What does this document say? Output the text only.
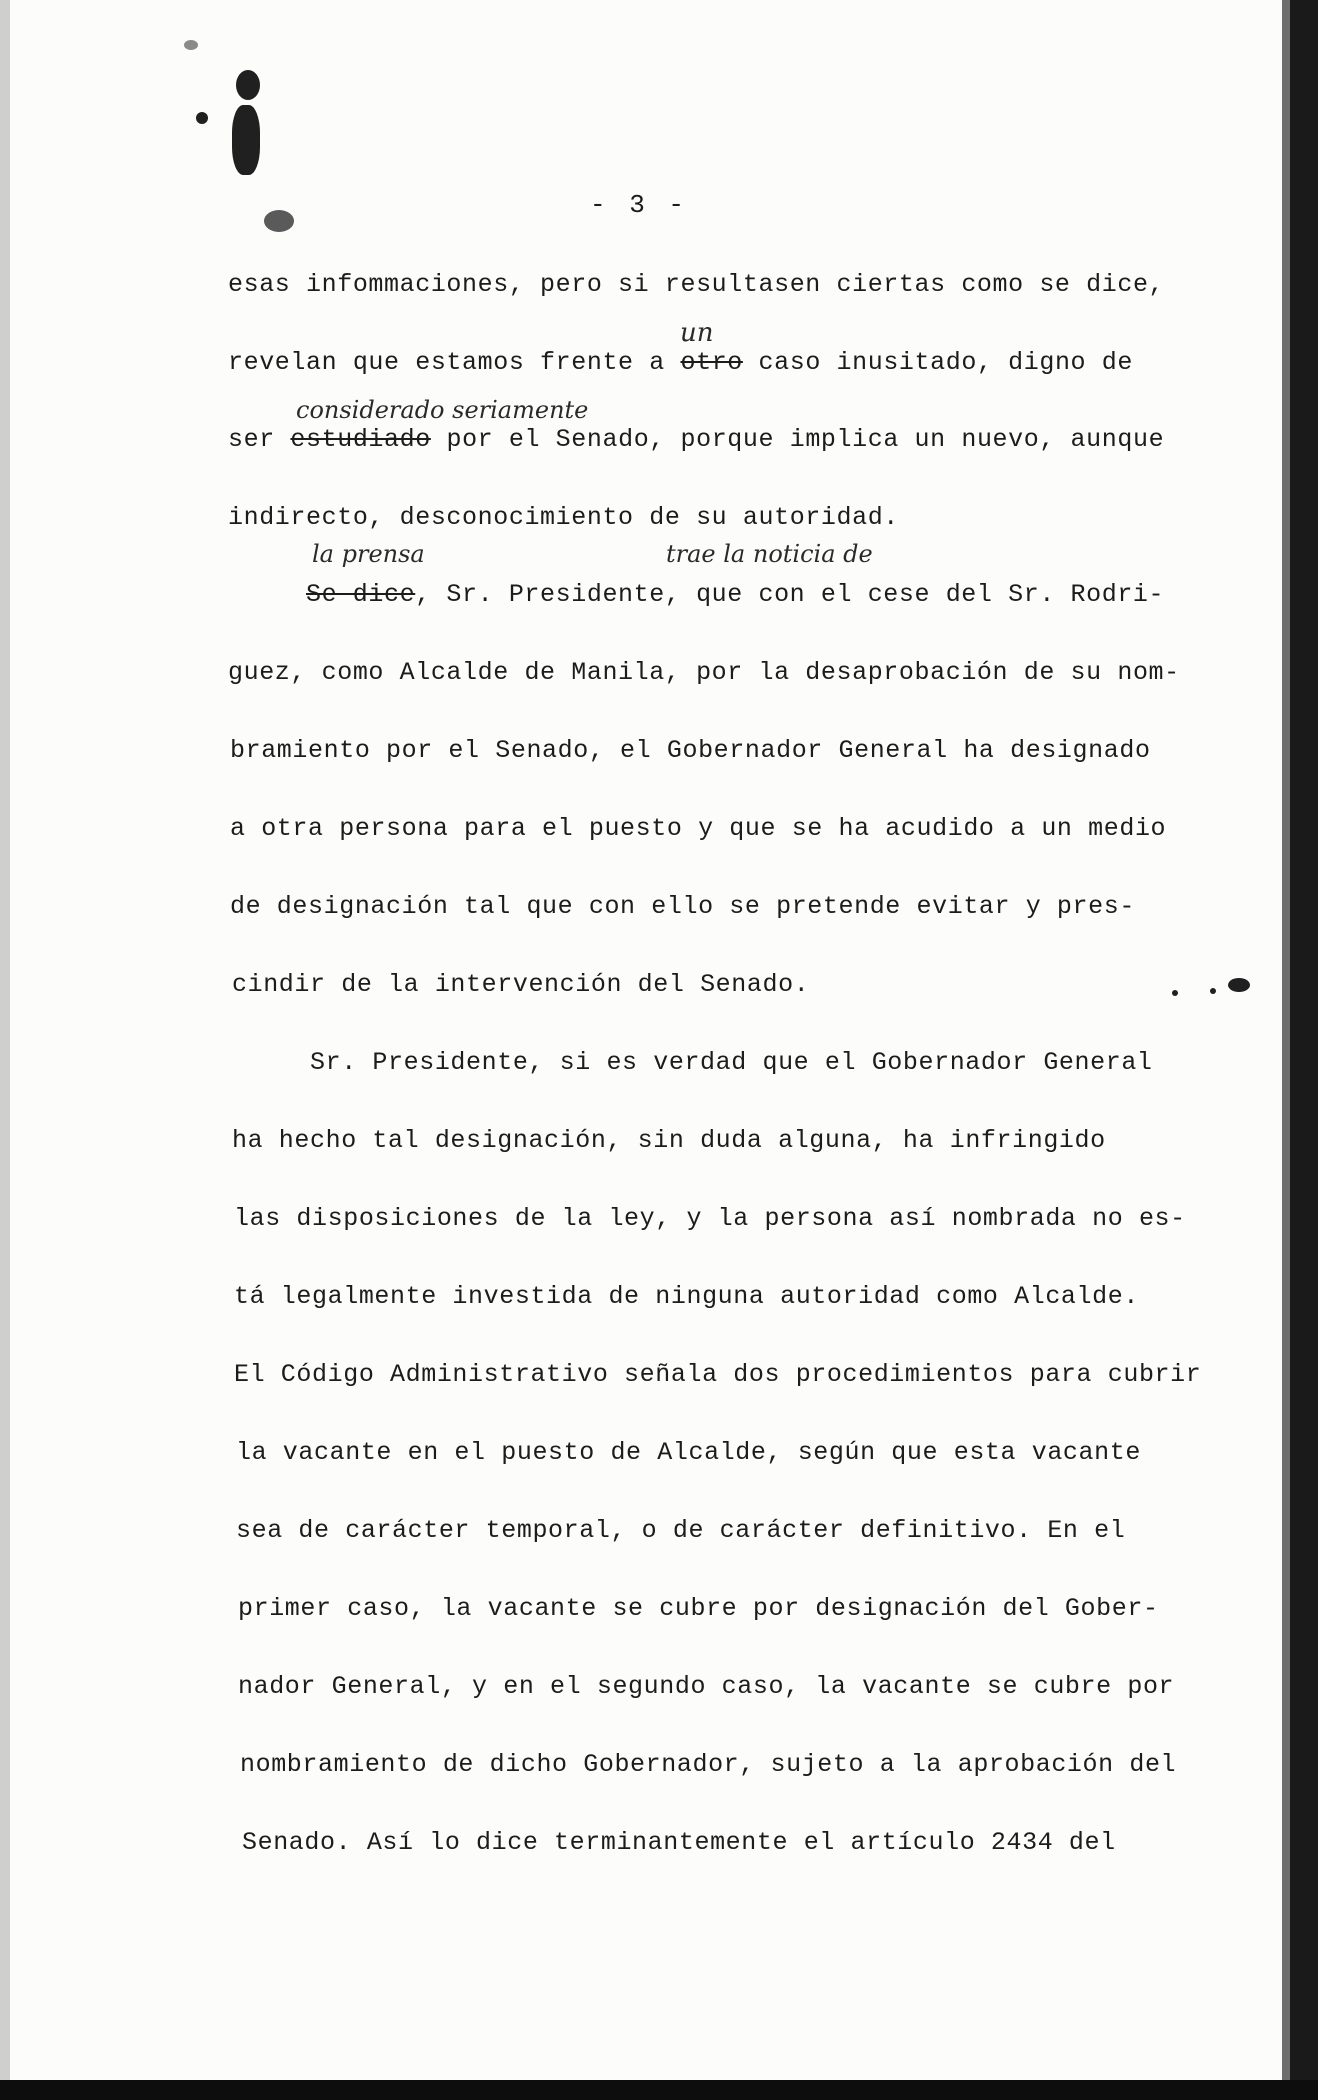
- 3 -
esas infommaciones, pero si resultasen ciertas como se dice,
revelan que estamos frente a otro caso inusitado, digno de
ser estudiado por el Senado, porque implica un nuevo, aunque
indirecto, desconocimiento de su autoridad.
Se dice, Sr. Presidente, que con el cese del Sr. Rodri-
guez, como Alcalde de Manila, por la desaprobación de su nom-
bramiento por el Senado, el Gobernador General ha designado
a otra persona para el puesto y que se ha acudido a un medio
de designación tal que con ello se pretende evitar y pres-
cindir de la intervención del Senado.
Sr. Presidente, si es verdad que el Gobernador General
ha hecho tal designación, sin duda alguna, ha infringido
las disposiciones de la ley, y la persona así nombrada no es-
tá legalmente investida de ninguna autoridad como Alcalde.
El Código Administrativo señala dos procedimientos para cubrir
la vacante en el puesto de Alcalde, según que esta vacante
sea de carácter temporal, o de carácter definitivo. En el
primer caso, la vacante se cubre por designación del Gober-
nador General, y en el segundo caso, la vacante se cubre por
nombramiento de dicho Gobernador, sujeto a la aprobación del
Senado. Así lo dice terminantemente el artículo 2434 del
un
considerado seriamente
la prensa	trae la noticia de
